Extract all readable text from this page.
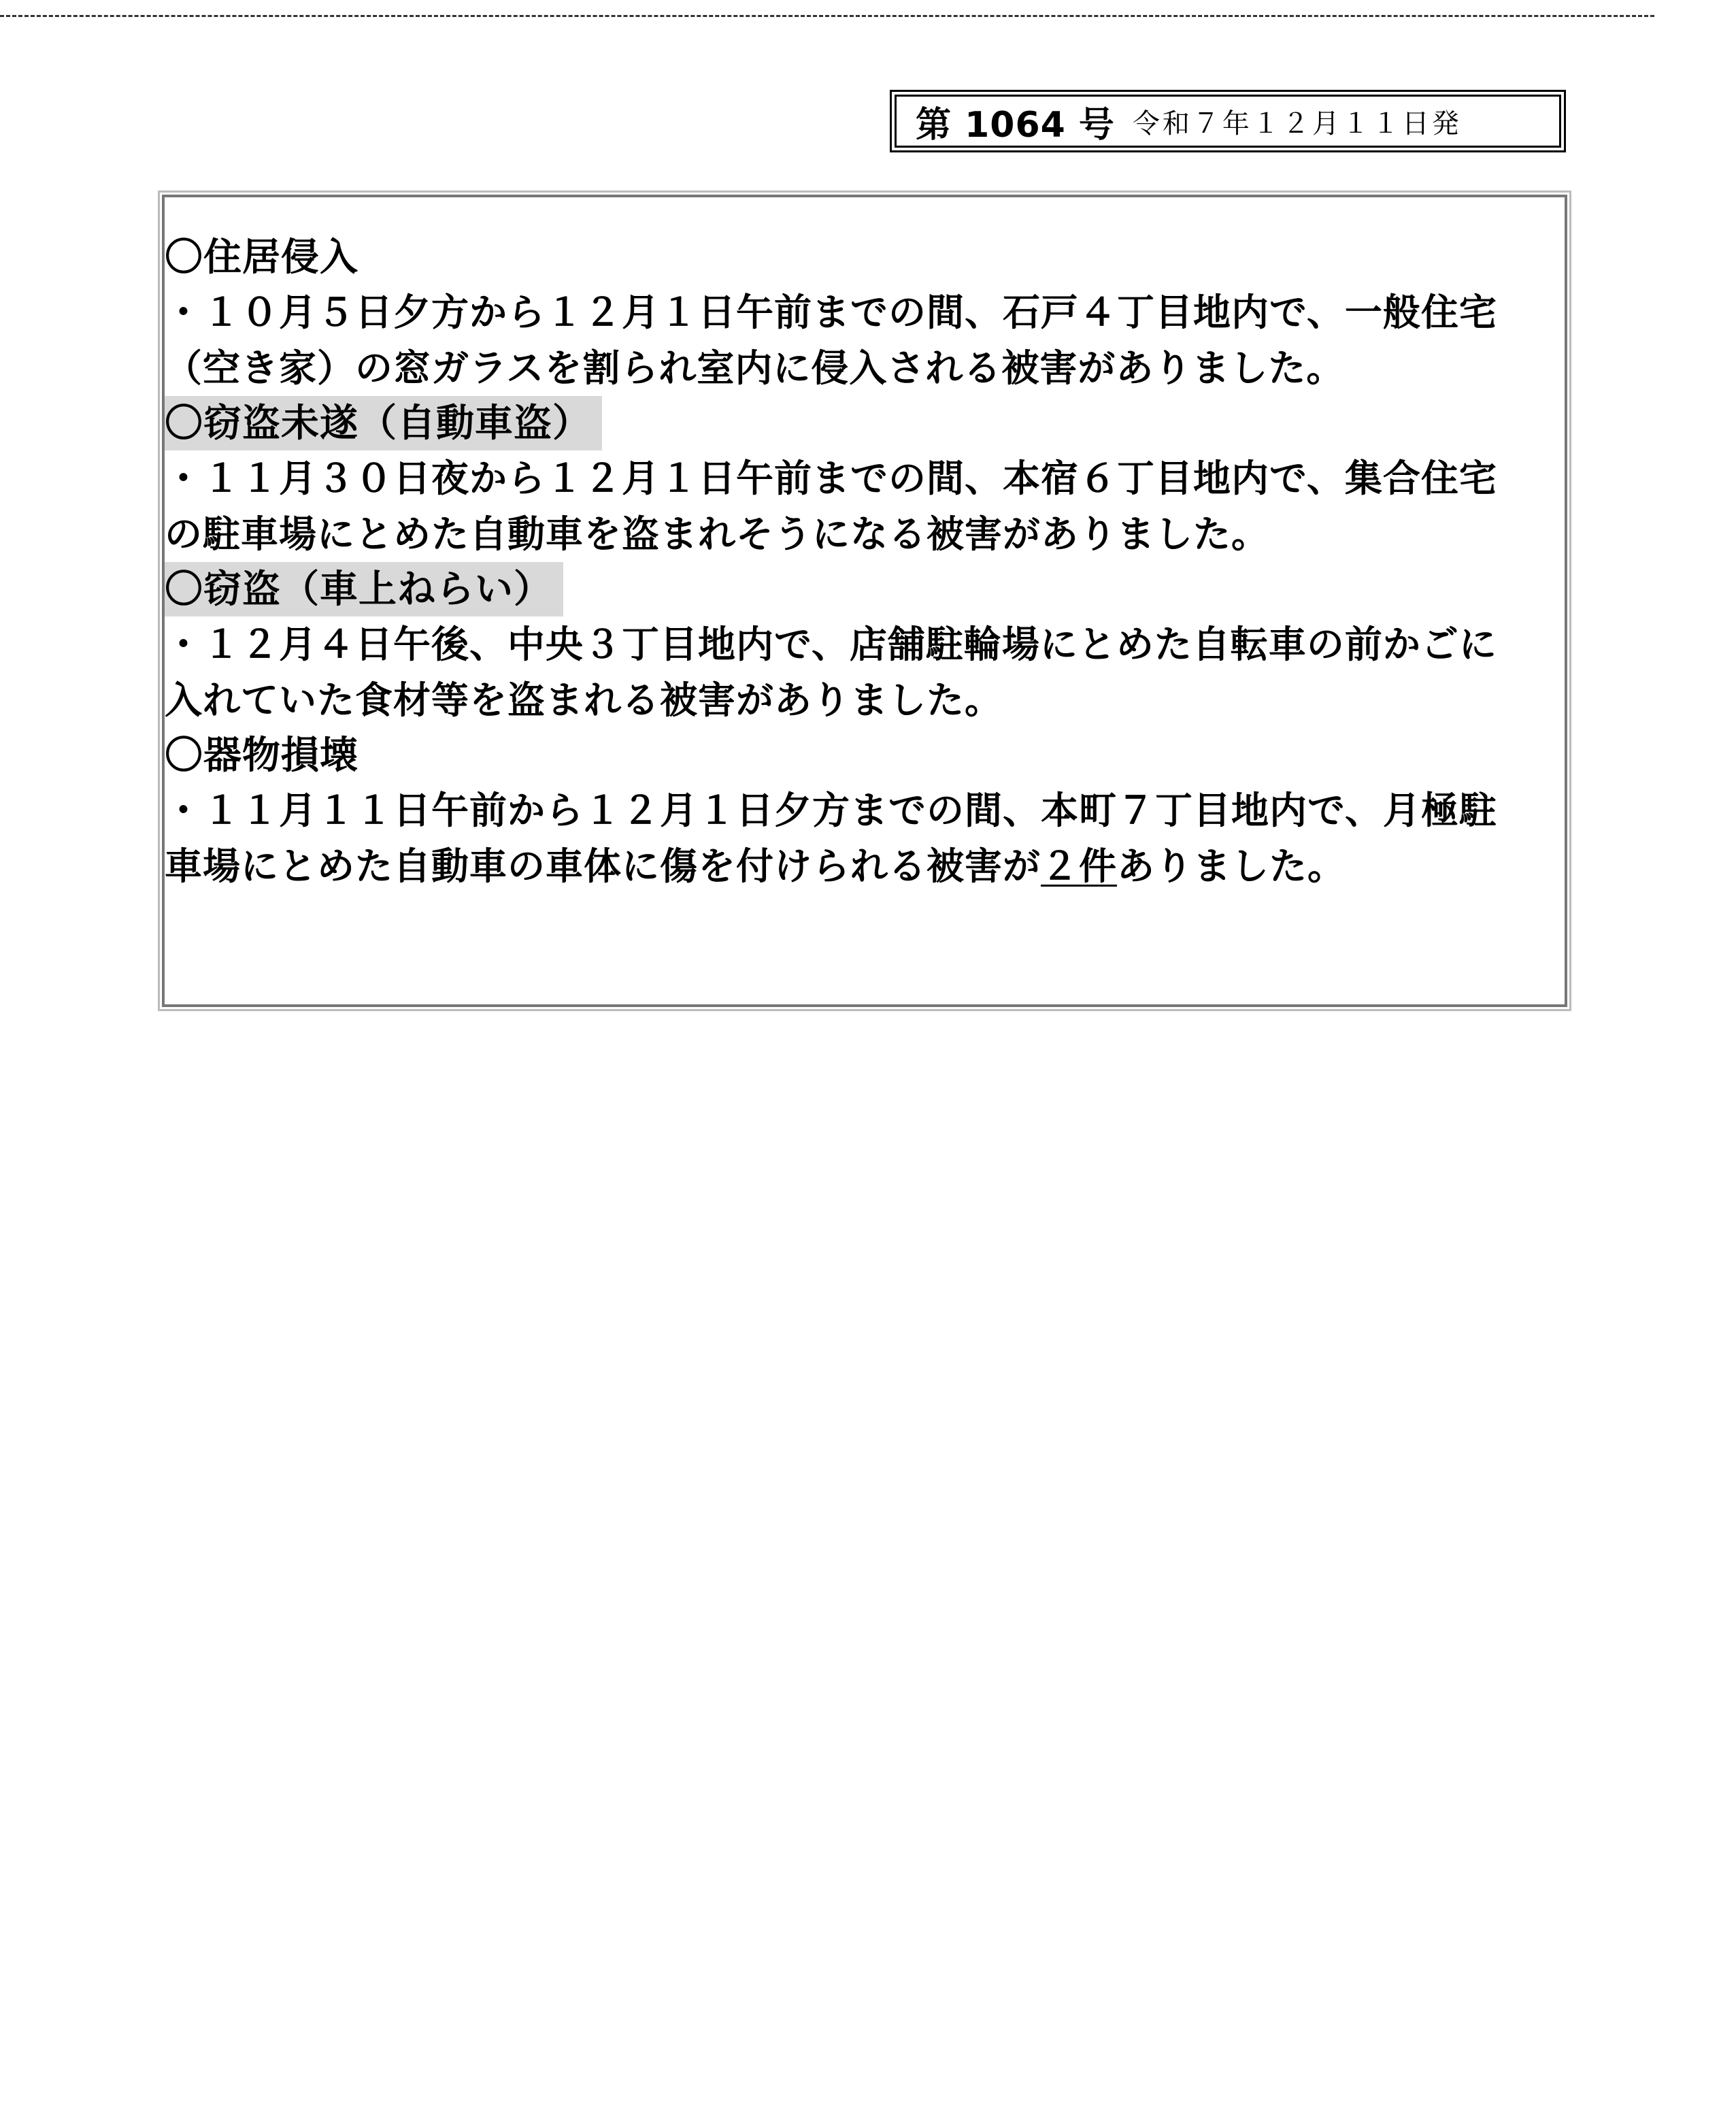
第 1064 号 令和７年１２月１１日発
〇住居侵入

・１０月５日夕方から１２月１日午前までの間、石戸４丁目地内で、一般住宅（空き家）の窓ガラスを割られ室内に侵入される被害がありました。

〇窃盗未遂（自動車盗）

・１１月３０日夜から１２月１日午前までの間、本宿６丁目地内で、集合住宅の駐車場にとめた自動車を盗まれそうになる被害がありました。

〇窃盗（車上ねらい）

・１２月４日午後、中央３丁目地内で、店舗駐輪場にとめた自転車の前かごに入れていた食材等を盗まれる被害がありました。

〇器物損壊

・１１月１１日午前から１２月１日夕方までの間、本町７丁目地内で、月極駐車場にとめた自動車の車体に傷を付けられる被害が２件ありました。
